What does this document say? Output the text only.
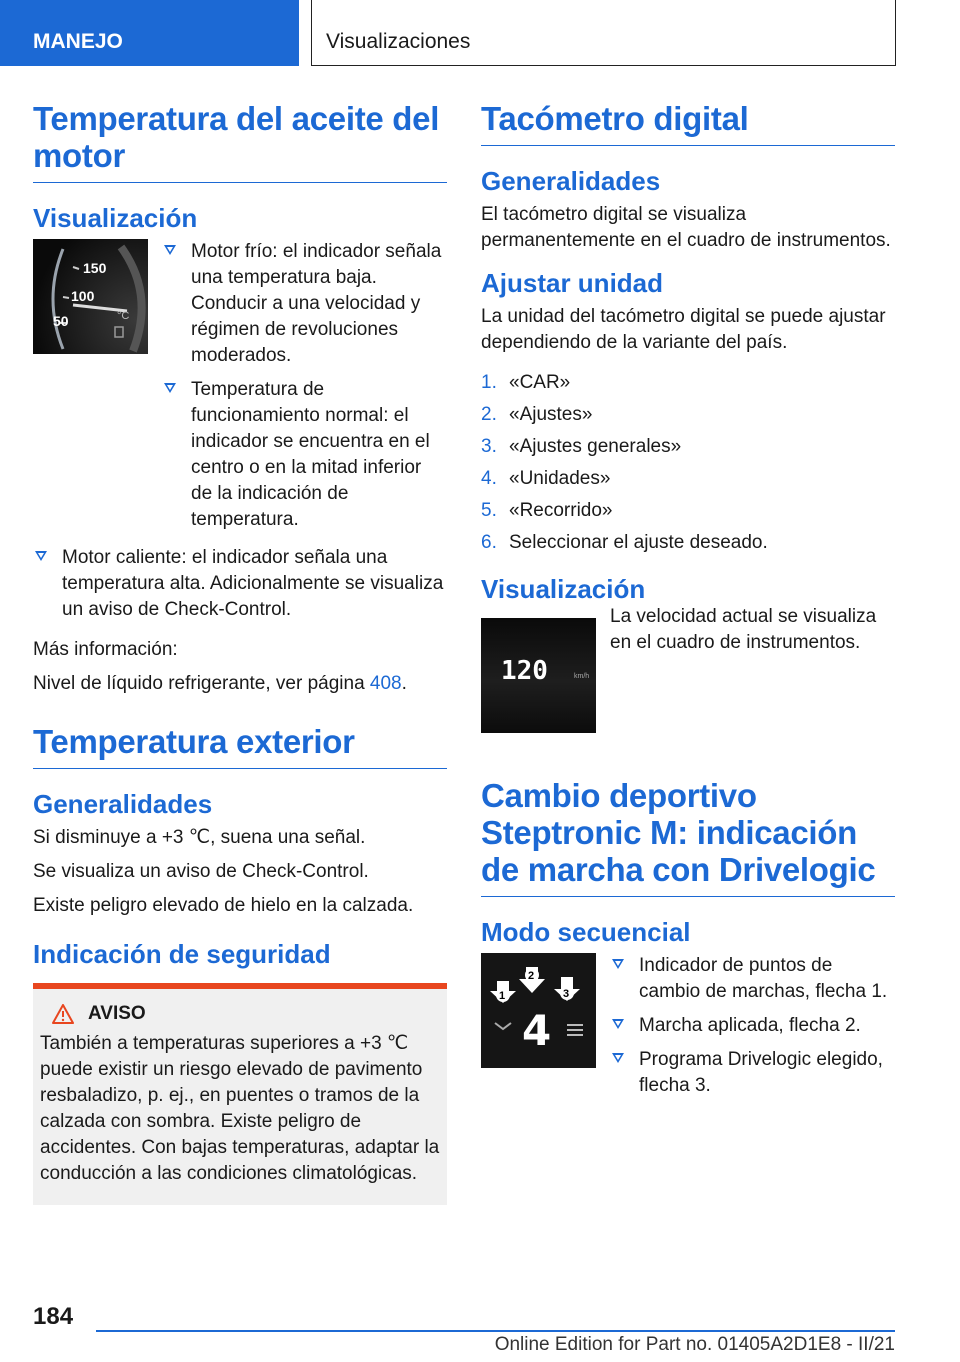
MANEJO	Visualizaciones
Temperatura del aceite del motor
Visualización
150
100
50	°C
Motor frío: el indicador señala una temperatura baja. Conducir a una velocidad y régimen de revoluciones moderados.
Temperatura de funcionamiento normal: el indicador se encuentra en el centro o en la mitad inferior de la indicación de temperatura.
Motor caliente: el indicador señala una temperatura alta. Adicionalmente se visualiza un aviso de Check-Control.

Más información:

Nivel de líquido refrigerante, ver página 408.

Temperatura exterior
Generalidades

Si disminuye a +3 ℃, suena una señal.

Se visualiza un aviso de Check-Control.

Existe peligro elevado de hielo en la calzada.

Indicación de seguridad
AVISO

También a temperaturas superiores a +3 ℃ puede existir un riesgo elevado de pavimento resbaladizo, p. ej., en puentes o tramos de la calzada con sombra. Existe peligro de accidentes. Con bajas temperaturas, adaptar la conducción a las condiciones climatológicas.

Tacómetro digital
Generalidades

El tacómetro digital se visualiza permanentemente en el cuadro de instrumentos.

Ajustar unidad

La unidad del tacómetro digital se puede ajustar dependiendo de la variante del país.

1. «CAR»
2. «Ajustes»
3. «Ajustes generales»
4. «Unidades»
5. «Recorrido»
6. Seleccionar el ajuste deseado.
Visualización
120	km/h

La velocidad actual se visualiza en el cuadro de instrumentos.

Cambio deportivo Steptronic M: indicación de marcha con Drivelogic
Modo secuencial
4
1
2
3
Indicador de puntos de cambio de marchas, flecha 1.
Marcha aplicada, flecha 2.
Programa Drivelogic elegido, flecha 3.
184
Online Edition for Part no. 01405A2D1E8 - II/21
